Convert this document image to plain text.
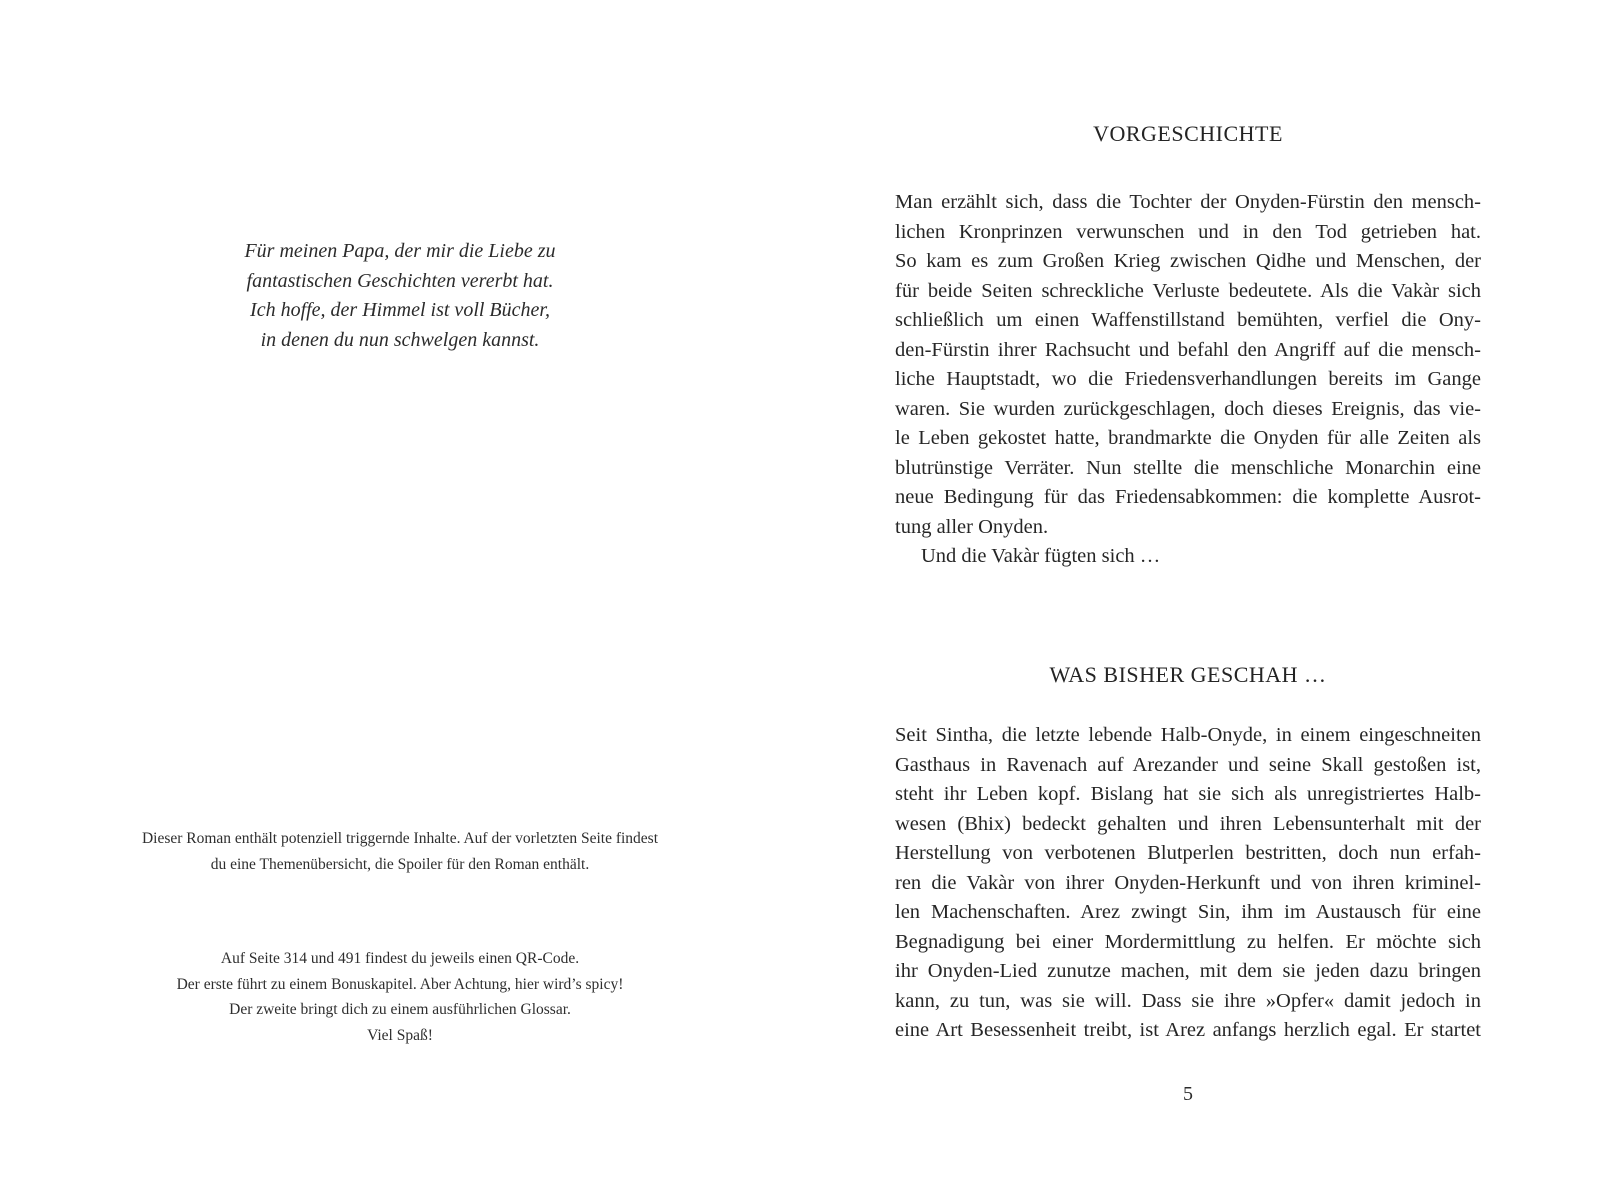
Für meinen Papa, der mir die Liebe zu
fantastischen Geschichten vererbt hat.
Ich hoffe, der Himmel ist voll Bücher,
in denen du nun schwelgen kannst.
Dieser Roman enthält potenziell triggernde Inhalte. Auf der vorletzten Seite findest
du eine Themenübersicht, die Spoiler für den Roman enthält.
Auf Seite 314 und 491 findest du jeweils einen QR-Code.
Der erste führt zu einem Bonuskapitel. Aber Achtung, hier wird’s spicy!
Der zweite bringt dich zu einem ausführlichen Glossar.
Viel Spaß!
VORGESCHICHTE
Man erzählt sich, dass die Tochter der Onyden-Fürstin den mensch-
lichen Kronprinzen verwunschen und in den Tod getrieben hat.
So kam es zum Großen Krieg zwischen Qidhe und Menschen, der
für beide Seiten schreckliche Verluste bedeutete. Als die Vakàr sich
schließlich um einen Waffenstillstand bemühten, verfiel die Ony-
den-Fürstin ihrer Rachsucht und befahl den Angriff auf die mensch-
liche Hauptstadt, wo die Friedensverhandlungen bereits im Gange
waren. Sie wurden zurückgeschlagen, doch dieses Ereignis, das vie-
le Leben gekostet hatte, brandmarkte die Onyden für alle Zeiten als
blutrünstige Verräter. Nun stellte die menschliche Monarchin eine
neue Bedingung für das Friedensabkommen: die komplette Ausrot-
tung aller Onyden.
Und die Vakàr fügten sich …
WAS BISHER GESCHAH …
Seit Sintha, die letzte lebende Halb-Onyde, in einem eingeschneiten
Gasthaus in Ravenach auf Arezander und seine Skall gestoßen ist,
steht ihr Leben kopf. Bislang hat sie sich als unregistriertes Halb-
wesen (Bhix) bedeckt gehalten und ihren Lebensunterhalt mit der
Herstellung von verbotenen Blutperlen bestritten, doch nun erfah-
ren die Vakàr von ihrer Onyden-Herkunft und von ihren kriminel-
len Machenschaften. Arez zwingt Sin, ihm im Austausch für eine
Begnadigung bei einer Mordermittlung zu helfen. Er möchte sich
ihr Onyden-Lied zunutze machen, mit dem sie jeden dazu bringen
kann, zu tun, was sie will. Dass sie ihre »Opfer« damit jedoch in
eine Art Besessenheit treibt, ist Arez anfangs herzlich egal. Er startet
5
